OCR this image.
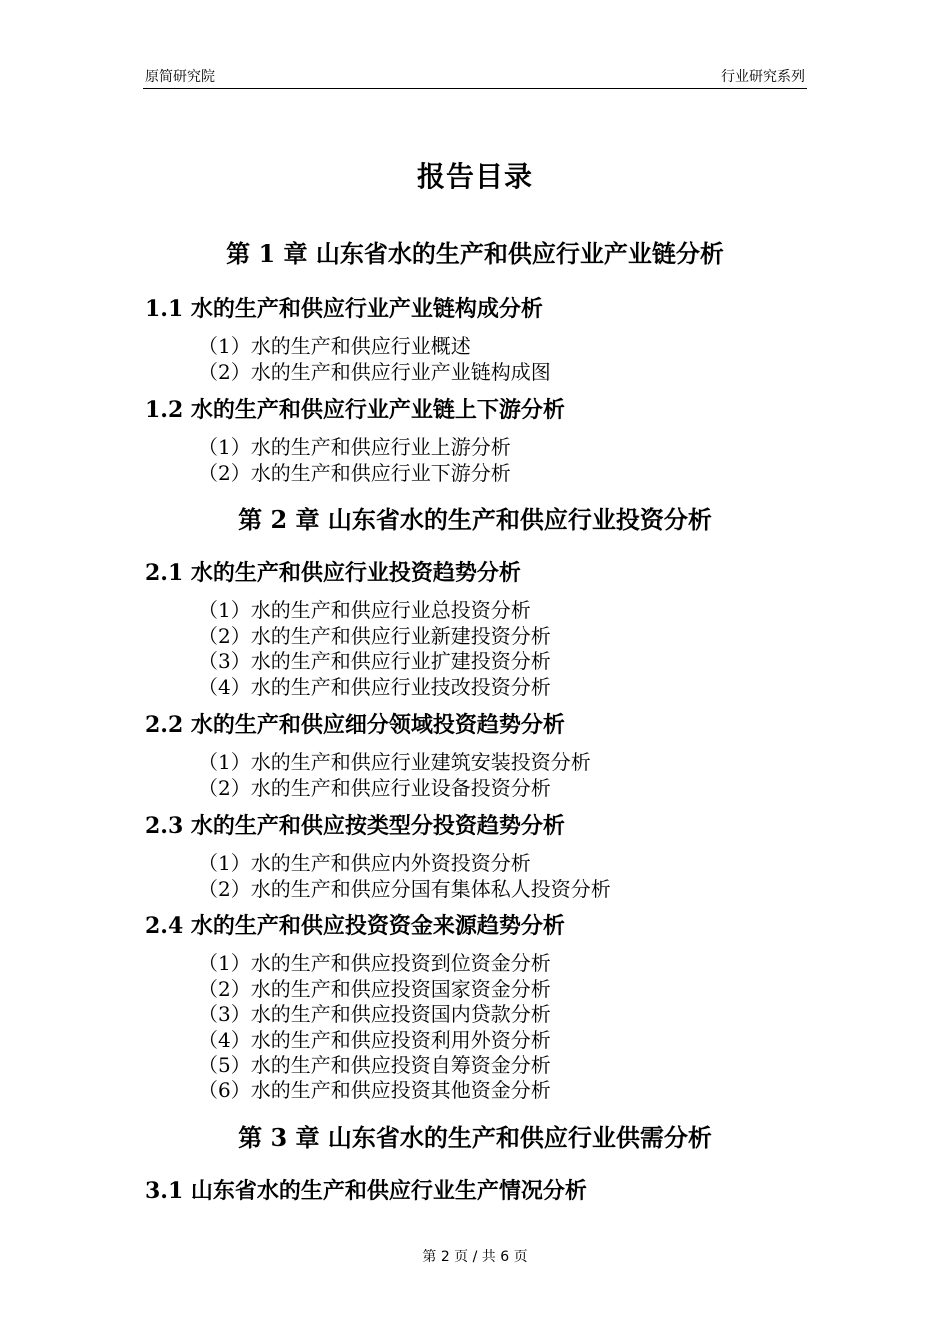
原简研究院	行业研究系列
报告目录
第 1 章 山东省水的生产和供应行业产业链分析
1.1 水的生产和供应行业产业链构成分析
（1）水的生产和供应行业概述
（2）水的生产和供应行业产业链构成图
1.2 水的生产和供应行业产业链上下游分析
（1）水的生产和供应行业上游分析
（2）水的生产和供应行业下游分析
第 2 章 山东省水的生产和供应行业投资分析
2.1 水的生产和供应行业投资趋势分析
（1）水的生产和供应行业总投资分析
（2）水的生产和供应行业新建投资分析
（3）水的生产和供应行业扩建投资分析
（4）水的生产和供应行业技改投资分析
2.2 水的生产和供应细分领域投资趋势分析
（1）水的生产和供应行业建筑安装投资分析
（2）水的生产和供应行业设备投资分析
2.3 水的生产和供应按类型分投资趋势分析
（1）水的生产和供应内外资投资分析
（2）水的生产和供应分国有集体私人投资分析
2.4 水的生产和供应投资资金来源趋势分析
（1）水的生产和供应投资到位资金分析
（2）水的生产和供应投资国家资金分析
（3）水的生产和供应投资国内贷款分析
（4）水的生产和供应投资利用外资分析
（5）水的生产和供应投资自筹资金分析
（6）水的生产和供应投资其他资金分析
第 3 章 山东省水的生产和供应行业供需分析
3.1 山东省水的生产和供应行业生产情况分析
第 2 页 / 共 6 页
